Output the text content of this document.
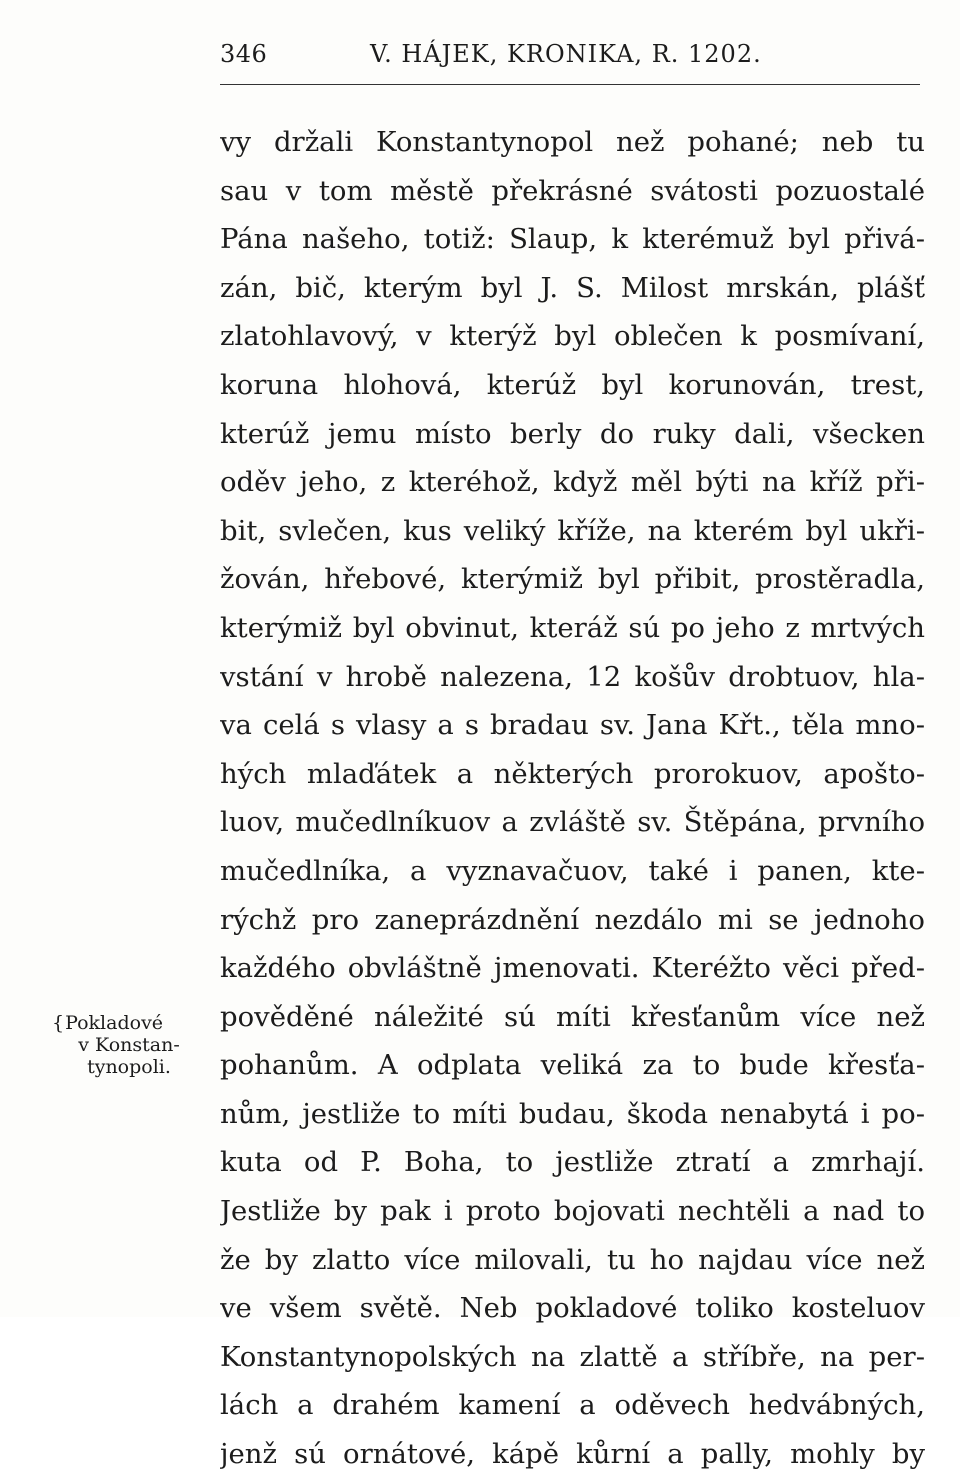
346	V. HÁJEK, KRONIKA, R. 1202.
vy držali Konstantynopol než pohané; neb tu
sau v tom městě překrásné svátosti pozuostalé
Pána našeho, totiž: Slaup, k kterémuž byl přivá-
zán, bič, kterým byl J. S. Milost mrskán, plášť
zlatohlavový, v kterýž byl oblečen k posmívaní,
koruna hlohová, kterúž byl korunován, trest,
kterúž jemu místo berly do ruky dali, všecken
oděv jeho, z kteréhož, když měl býti na kříž při-
bit, svlečen, kus veliký kříže, na kterém byl ukři-
žován, hřebové, kterýmiž byl přibit, prostěradla,
kterýmiž byl obvinut, kteráž sú po jeho z mrtvých
vstání v hrobě nalezena, 12 košův drobtuov, hla-
va celá s vlasy a s bradau sv. Jana Křt., těla mno-
hých mlaďátek a některých prorokuov, apošto-
luov, mučedlníkuov a zvláště sv. Štěpána, prvního
mučedlníka, a vyznavačuov, také i panen, kte-
rýchž pro zaneprázdnění nezdálo mi se jednoho
každého obvláštně jmenovati. Kteréžto věci před-
pověděné náležité sú míti křesťanům více než
pohanům. A odplata veliká za to bude křesťa-
nům, jestliže to míti budau, škoda nenabytá i po-
kuta od P. Boha, to jestliže ztratí a zmrhají.
Jestliže by pak i proto bojovati nechtěli a nad to
že by zlatto více milovali, tu ho najdau více než
ve všem světě. Neb pokladové toliko kosteluov
Konstantynopolských na zlattě a stříbře, na per-
lách a drahém kamení a oděvech hedvábných,
jenž sú ornátové, kápě kůrní a pally, mohly by
{Pokladové
v Konstan-
tynopoli.
